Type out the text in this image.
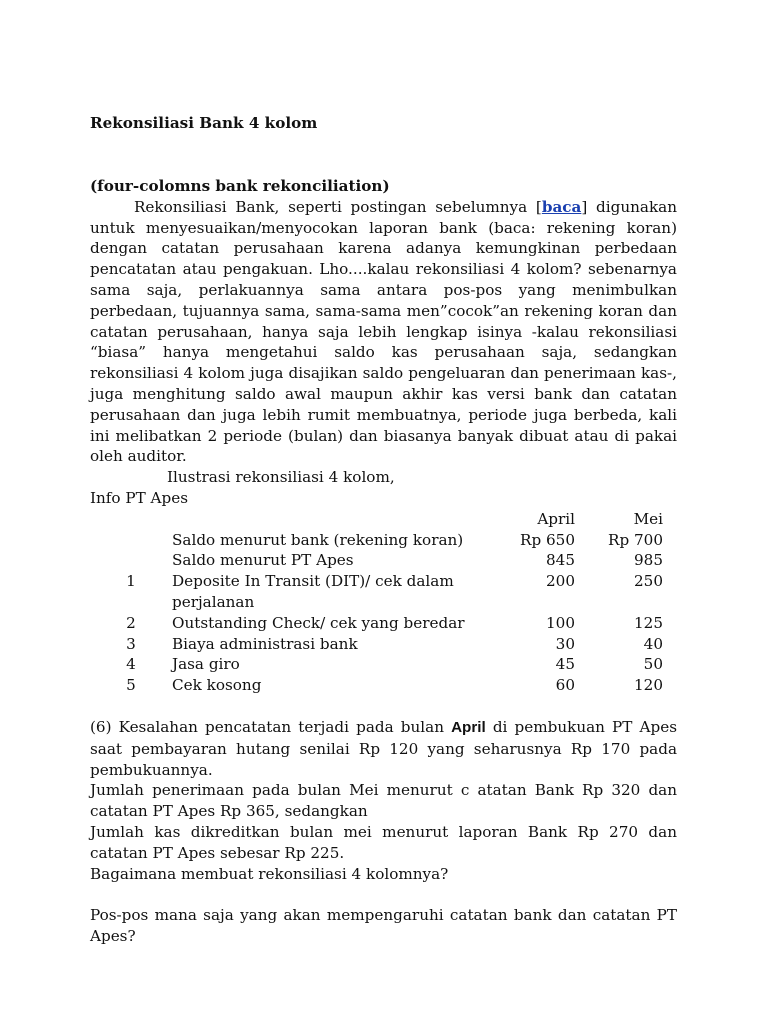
Rekonsiliasi Bank 4 kolom

(four-colomns bank rekonciliation)

Rekonsiliasi Bank, seperti postingan sebelumnya [baca] digunakan untuk menyesuaikan/menyocokan laporan bank (baca: rekening koran) dengan catatan perusahaan karena adanya kemungkinan perbedaan pencatatan atau pengakuan. Lho....kalau rekonsiliasi 4 kolom? sebenarnya sama saja, perlakuannya sama antara pos-pos yang menimbulkan perbedaan, tujuannya sama, sama-sama men”cocok”an rekening koran dan catatan perusahaan, hanya saja lebih lengkap isinya -kalau rekonsiliasi “biasa” hanya mengetahui saldo kas perusahaan saja, sedangkan rekonsiliasi 4 kolom juga disajikan saldo pengeluaran dan penerimaan kas-, juga menghitung saldo awal maupun akhir kas versi bank dan catatan perusahaan dan juga lebih rumit membuatnya, periode juga berbeda, kali ini melibatkan 2 periode (bulan) dan biasanya banyak dibuat atau di pakai oleh auditor.

Ilustrasi rekonsiliasi 4 kolom,

Info PT Apes

		April	Mei	
	Saldo menurut bank (rekening koran)	Rp 650	Rp 700	
	Saldo menurut PT Apes	845	985	
1	Deposite In Transit (DIT)/ cek dalam perjalanan	200	250	
2	Outstanding Check/ cek yang beredar	100	125	
3	Biaya administrasi bank	30	40	
4	Jasa giro	45	50	
5	Cek kosong	60	120	

(6) Kesalahan pencatatan terjadi pada bulan April di pembukuan PT Apes saat pembayaran hutang senilai Rp 120 yang seharusnya Rp 170 pada pembukuannya.

Jumlah penerimaan pada bulan Mei menurut c atatan Bank Rp 320 dan catatan PT Apes Rp 365, sedangkan

Jumlah kas dikreditkan bulan mei menurut laporan Bank Rp 270 dan catatan PT Apes sebesar Rp 225.

Bagaimana membuat rekonsiliasi 4 kolomnya?

Pos-pos mana saja yang akan mempengaruhi catatan bank dan catatan PT Apes?
